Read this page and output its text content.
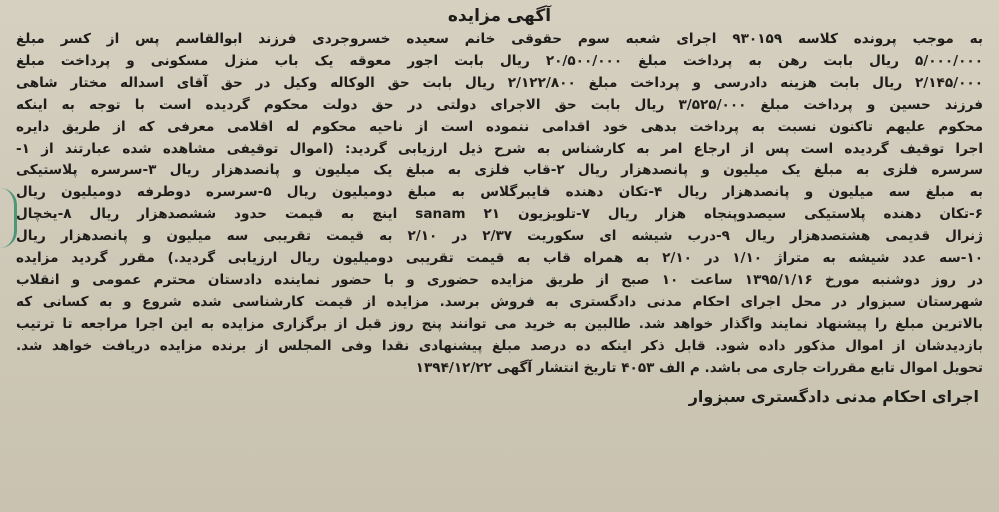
آگهی مزایده
به موجب پرونده کلاسه ۹۳۰۱۵۹ اجرای شعبه سوم حقوقی خانم سعیده خسروجردی فرزند ابوالقاسم پس از کسر مبلغ
۵/۰۰۰/۰۰۰ ریال بابت رهن به پرداخت مبلغ ۲۰/۵۰۰/۰۰۰ ریال بابت اجور معوقه یک باب منزل مسکونی و پرداخت مبلغ
۲/۱۴۵/۰۰۰ ریال بابت هزینه دادرسی و پرداخت مبلغ ۲/۱۲۲/۸۰۰ ریال بابت حق الوکاله وکیل در حق آقای اسداله مختار شاهی
فرزند حسین و پرداخت مبلغ ۳/۵۲۵/۰۰۰ ریال بابت حق الاجرای دولتی در حق دولت محکوم گردیده است با توجه به اینکه
محکوم علیهم تاکنون نسبت به پرداخت بدهی خود اقدامی ننموده است از ناحیه محکوم له اقلامی معرفی که از طریق دایره
اجرا توقیف گردیده است پس از ارجاع امر به کارشناس به شرح ذیل ارزیابی گردید: (اموال توقیفی مشاهده شده عبارتند از ۱-
سرسره فلزی به مبلغ یک میلیون و پانصدهزار ریال ۲-قاب فلزی به مبلغ یک میلیون و پانصدهزار ریال ۳-سرسره پلاستیکی
به مبلغ سه میلیون و پانصدهزار ریال ۴-تکان دهنده فایبرگلاس به مبلغ دومیلیون ریال ۵-سرسره دوطرفه دومیلیون ریال
۶-تکان دهنده پلاستیکی سیصدوپنجاه هزار ریال ۷-تلویزیون sanam ۲۱ اینچ به قیمت حدود ششصدهزار ریال ۸-یخچال
ژنرال قدیمی هشتصدهزار ریال ۹-درب شیشه ای سکوریت ۲/۳۷ در ۲/۱۰ به قیمت تقریبی سه میلیون و پانصدهزار ریال
۱۰-سه عدد شیشه به متراژ ۱/۱۰ در ۲/۱۰ به همراه قاب به قیمت تقریبی دومیلیون ریال ارزیابی گردید.) مقرر گردید مزایده
در روز دوشنبه مورخ ۱۳۹۵/۱/۱۶ ساعت ۱۰ صبح از طریق مزایده حضوری و با حضور نماینده دادستان محترم عمومی و انقلاب
شهرستان سبزوار در محل اجرای احکام مدنی دادگستری به فروش برسد. مزایده از قیمت کارشناسی شده شروع و به کسانی که
بالاترین مبلغ را پیشنهاد نمایند واگذار خواهد شد. طالبین به خرید می توانند پنج روز قبل از برگزاری مزایده به این اجرا مراجعه تا ترتیب
بازدیدشان از اموال مذکور داده شود. قابل ذکر اینکه ده درصد مبلغ پیشنهادی نقدا وفی المجلس از برنده مزایده دریافت خواهد شد.
تحویل اموال تابع مقررات جاری می باشد. م الف ۴۰۵۳ تاریخ انتشار آگهی ۱۳۹۴/۱۲/۲۲
اجرای احکام مدنی دادگستری سبزوار
